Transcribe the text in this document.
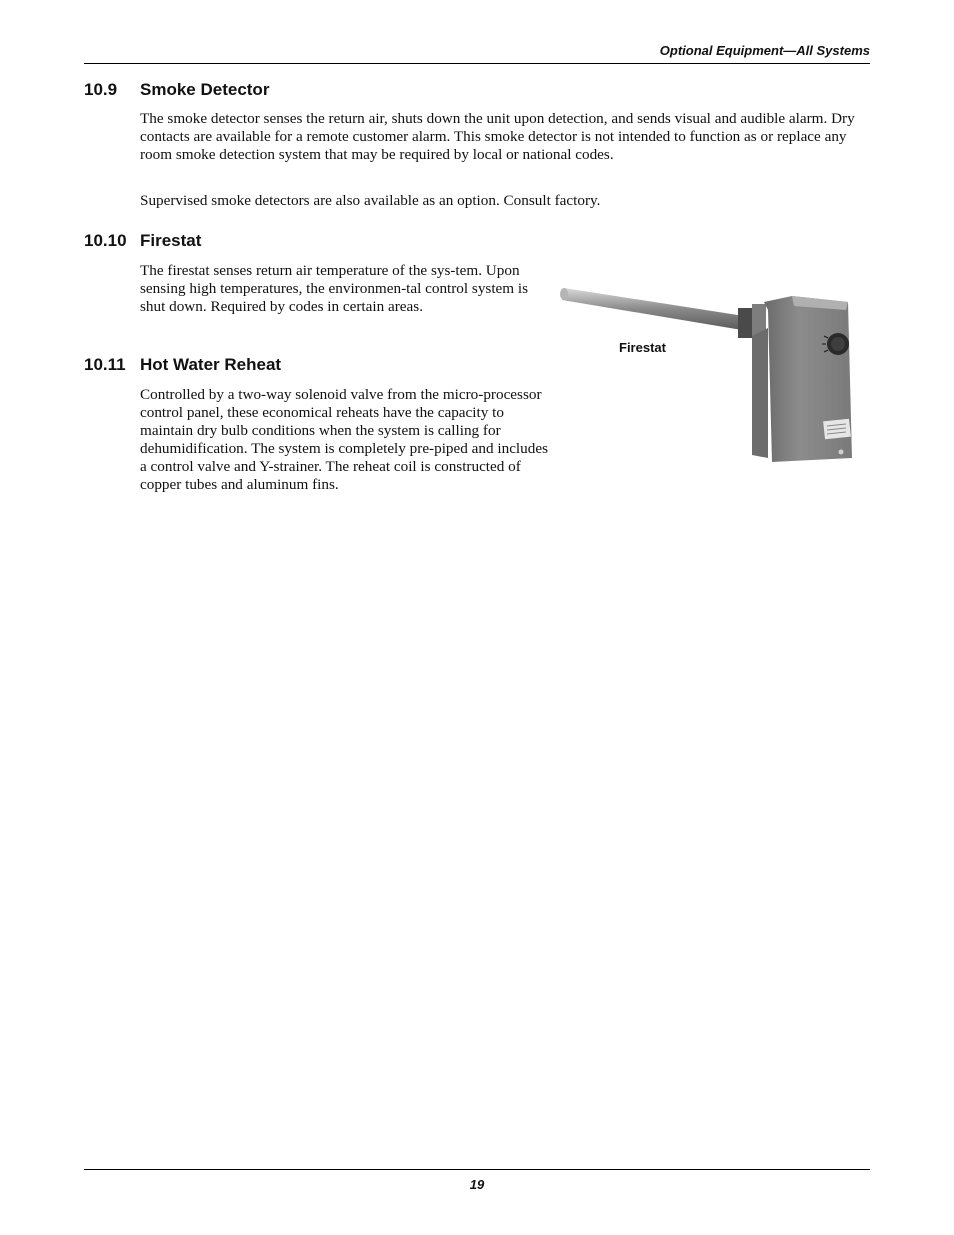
Optional Equipment—All Systems
10.9 Smoke Detector

The smoke detector senses the return air, shuts down the unit upon detection, and sends visual and audible alarm. Dry contacts are available for a remote customer alarm. This smoke detector is not intended to function as or replace any room smoke detection system that may be required by local or national codes.

Supervised smoke detectors are also available as an option. Consult factory.

10.10 Firestat

The firestat senses return air temperature of the sys-tem. Upon sensing high temperatures, the environmen-tal control system is shut down. Required by codes in certain areas.

10.11 Hot Water Reheat

Controlled by a two-way solenoid valve from the micro-processor control panel, these economical reheats have the capacity to maintain dry bulb conditions when the system is calling for dehumidification. The system is completely pre-piped and includes a control valve and Y-strainer. The reheat coil is constructed of copper tubes and aluminum fins.

Firestat
19
